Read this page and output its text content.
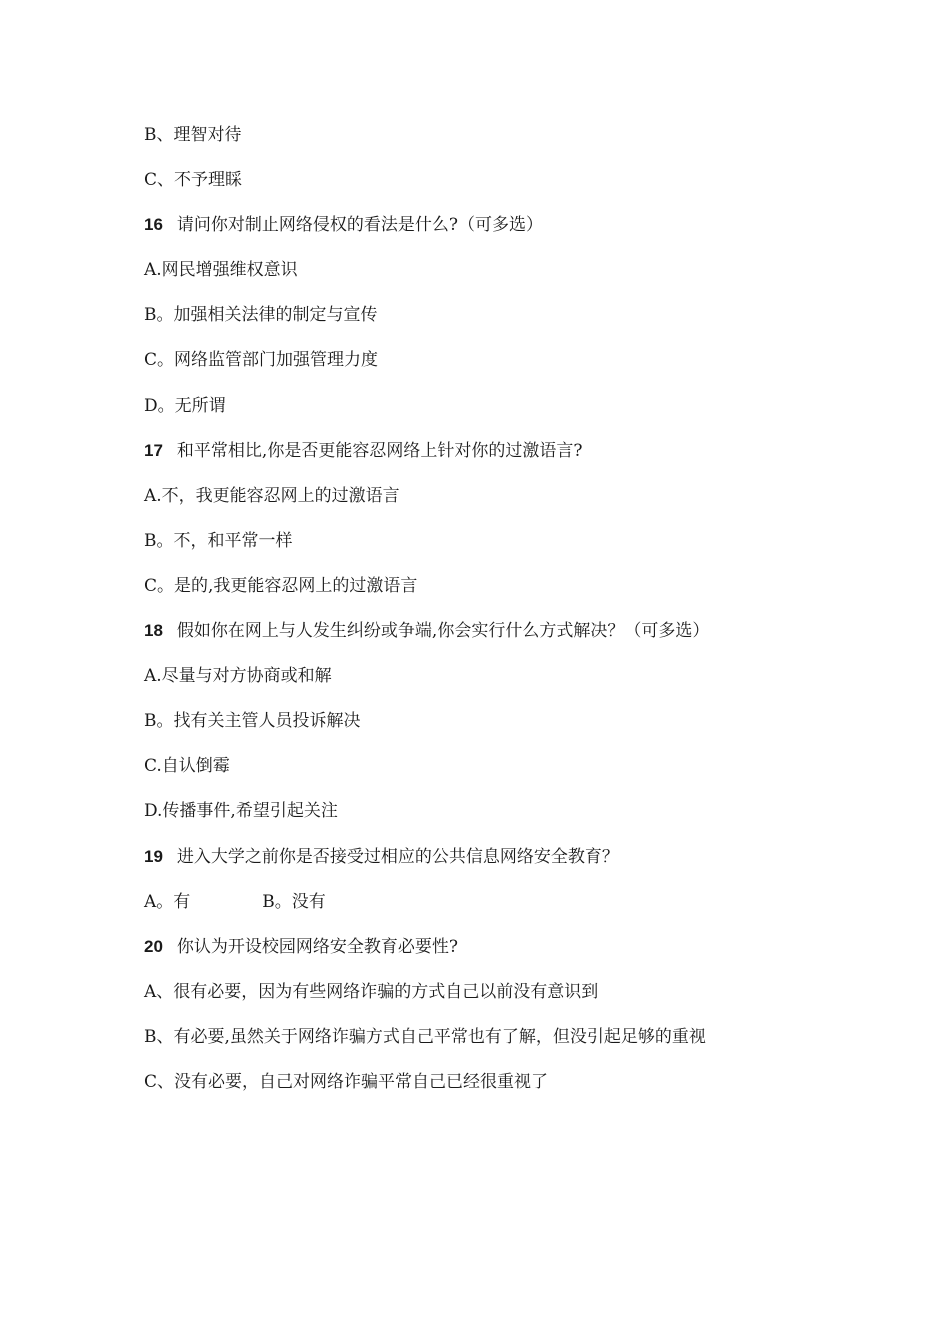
B、理智对待
C、不予理睬
16 请问你对制止网络侵权的看法是什么?（可多选）
A.网民增强维权意识
B。加强相关法律的制定与宣传
C。网络监管部门加强管理力度
D。无所谓
17 和平常相比,你是否更能容忍网络上针对你的过激语言?
A.不，我更能容忍网上的过激语言
B。不，和平常一样
C。是的,我更能容忍网上的过激语言
18 假如你在网上与人发生纠纷或争端,你会实行什么方式解决？（可多选）
A.尽量与对方协商或和解
B。找有关主管人员投诉解决
C.自认倒霉
D.传播事件,希望引起关注
19 进入大学之前你是否接受过相应的公共信息网络安全教育？
A。有	B。没有
20 你认为开设校园网络安全教育必要性?
A、很有必要，因为有些网络诈骗的方式自己以前没有意识到
B、有必要,虽然关于网络诈骗方式自己平常也有了解，但没引起足够的重视
C、没有必要，自己对网络诈骗平常自己已经很重视了
